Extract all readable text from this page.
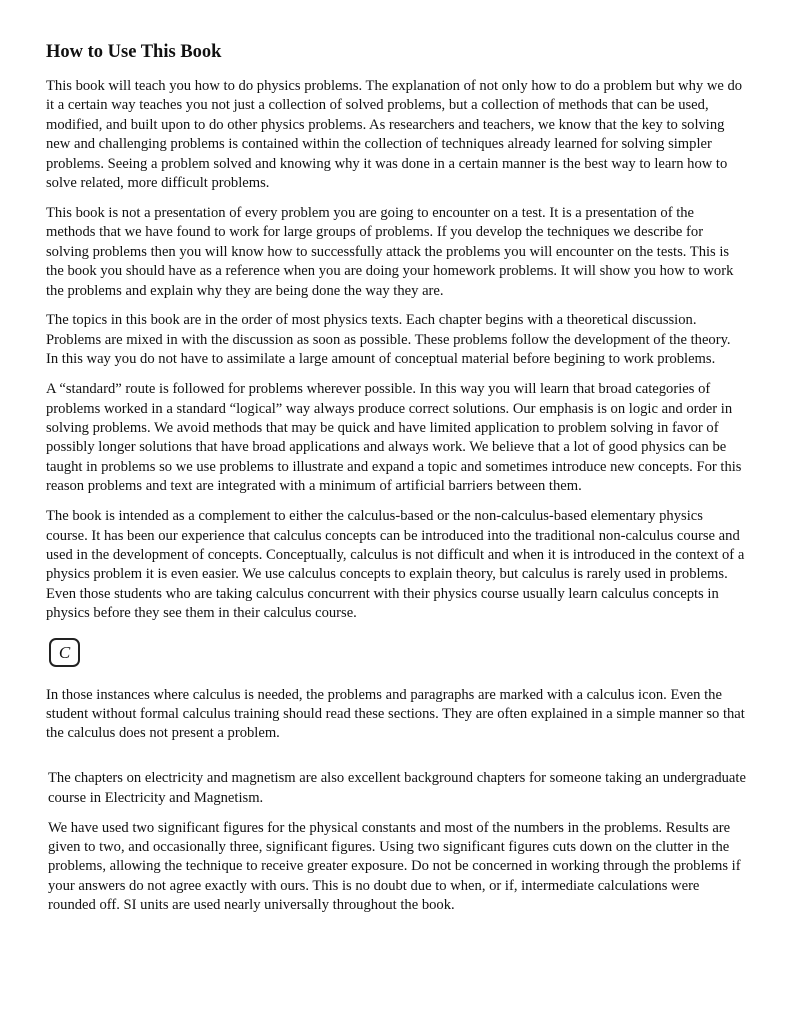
How to Use This Book

This book will teach you how to do physics problems. The explanation of not only how to do a problem but why we do it a certain way teaches you not just a collection of solved problems, but a collection of methods that can be used, modified, and built upon to do other physics problems. As researchers and teachers, we know that the key to solving new and challenging problems is contained within the collection of techniques already learned for solving simpler problems. Seeing a problem solved and knowing why it was done in a certain manner is the best way to learn how to solve related, more difficult problems.

This book is not a presentation of every problem you are going to encounter on a test. It is a presentation of the methods that we have found to work for large groups of problems. If you develop the techniques we describe for solving problems then you will know how to successfully attack the problems you will encounter on the tests. This is the book you should have as a reference when you are doing your homework problems. It will show you how to work the problems and explain why they are being done the way they are.

The topics in this book are in the order of most physics texts. Each chapter begins with a theoretical discussion. Problems are mixed in with the discussion as soon as possible. These problems follow the development of the theory. In this way you do not have to assimilate a large amount of conceptual material before begining to work problems.

A “standard” route is followed for problems wherever possible. In this way you will learn that broad categories of problems worked in a standard “logical” way always produce correct solutions. Our emphasis is on logic and order in solving problems. We avoid methods that may be quick and have limited application to problem solving in favor of possibly longer solutions that have broad applications and always work. We believe that a lot of good physics can be taught in problems so we use problems to illustrate and expand a topic and sometimes introduce new concepts. For this reason problems and text are integrated with a minimum of artificial barriers between them.

The book is intended as a complement to either the calculus-based or the non-calculus-based elementary physics course. It has been our experience that calculus concepts can be introduced into the traditional non-calculus course and used in the development of concepts. Conceptually, calculus is not difficult and when it is introduced in the context of a physics problem it is even easier. We use calculus concepts to explain theory, but calculus is rarely used in problems. Even those students who are taking calculus concurrent with their physics course usually learn calculus concepts in physics before they see them in their calculus course.

C

In those instances where calculus is needed, the problems and paragraphs are marked with a calculus icon. Even the student without formal calculus training should read these sections. They are often explained in a simple manner so that the calculus does not present a problem.

The chapters on electricity and magnetism are also excellent background chapters for someone taking an undergraduate course in Electricity and Magnetism.

We have used two significant figures for the physical constants and most of the numbers in the problems. Results are given to two, and occasionally three, significant figures. Using two significant figures cuts down on the clutter in the problems, allowing the technique to receive greater exposure. Do not be concerned in working through the problems if your answers do not agree exactly with ours. This is no doubt due to when, or if, intermediate calculations were rounded off. SI units are used nearly universally throughout the book.
